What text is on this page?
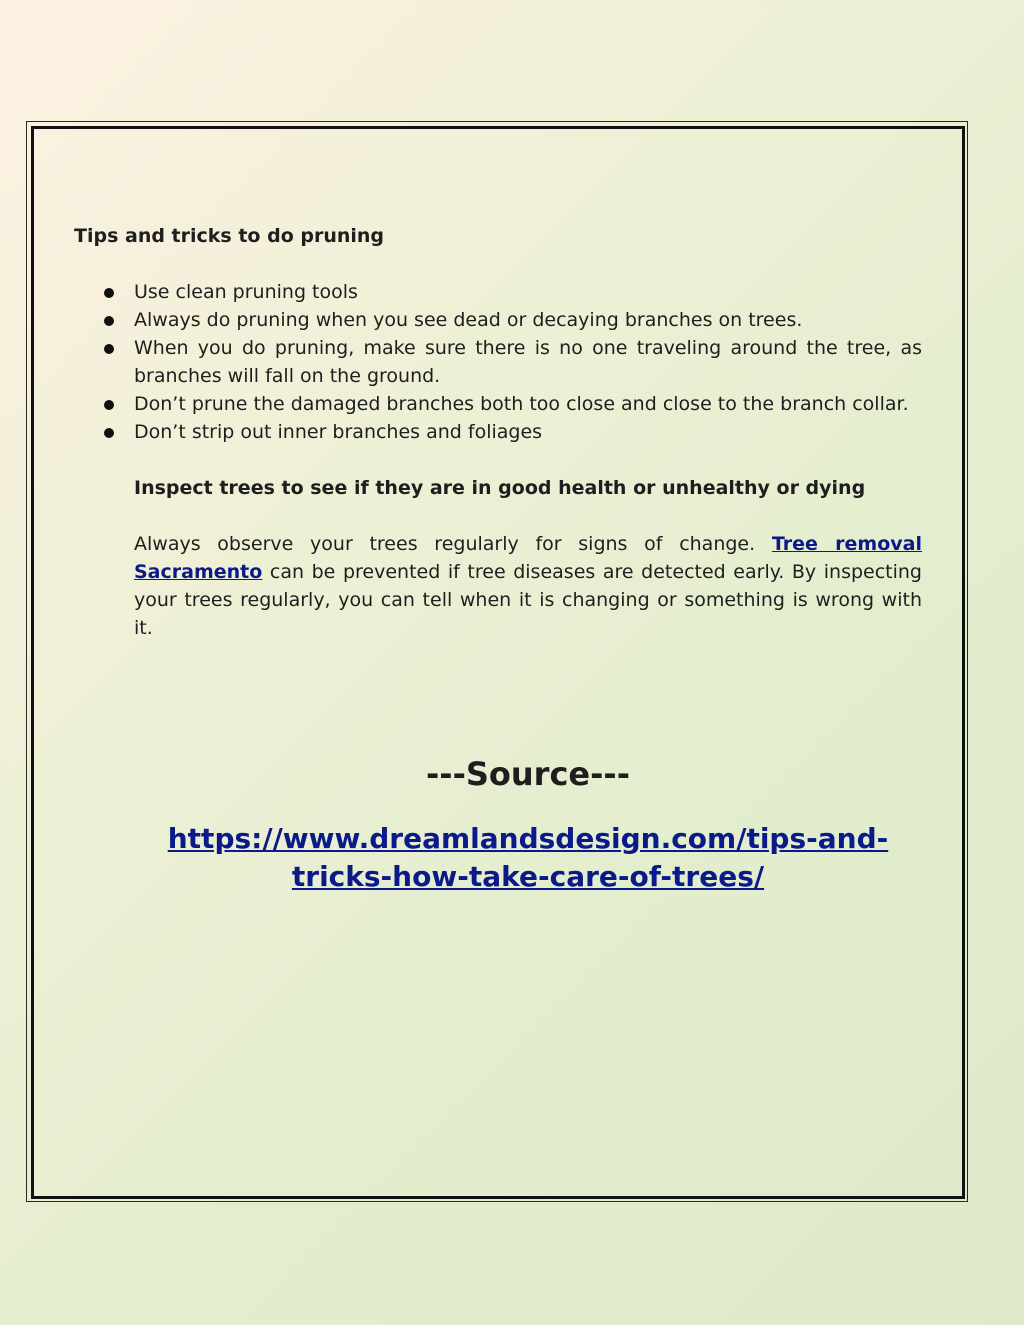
Tips and tricks to do pruning
Use clean pruning tools
Always do pruning when you see dead or decaying branches on trees.
When you do pruning, make sure there is no one traveling around the tree, as branches will fall on the ground.
Don’t prune the damaged branches both too close and close to the branch collar.
Don’t strip out inner branches and foliages
Inspect trees to see if they are in good health or unhealthy or dying

Always observe your trees regularly for signs of change. Tree removal Sacramento can be prevented if tree diseases are detected early. By inspecting your trees regularly, you can tell when it is changing or something is wrong with it.

---Source---
https://www.dreamlandsdesign.com/tips-and-tricks-how-take-care-of-trees/
